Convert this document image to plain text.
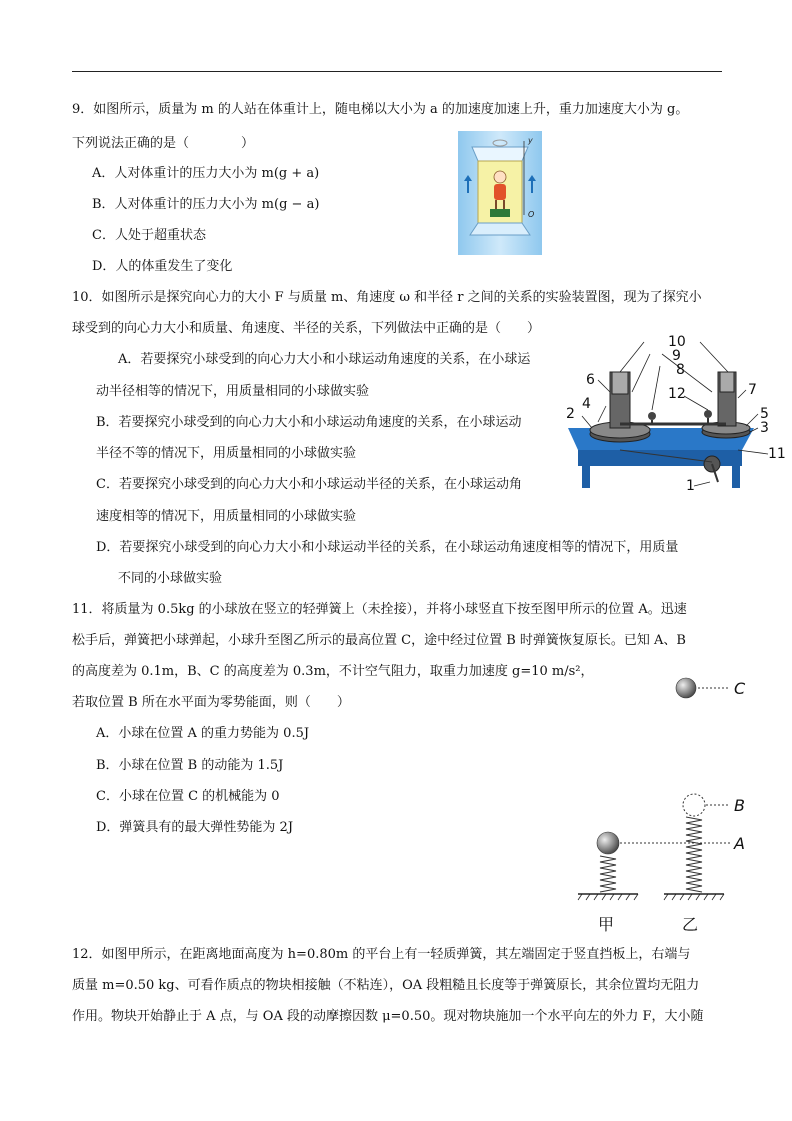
9．如图所示，质量为 m 的人站在体重计上，随电梯以大小为 a 的加速度加速上升，重力加速度大小为 g。
下列说法正确的是（　　　　）
A．人对体重计的压力大小为 m(g + a)
B．人对体重计的压力大小为 m(g − a)
C．人处于超重状态
D．人的体重发生了变化
y
O
10．如图所示是探究向心力的大小 F 与质量 m、角速度 ω 和半径 r 之间的关系的实验装置图，现为了探究小
球受到的向心力大小和质量、角速度、半径的关系，下列做法中正确的是（　　）
A．若要探究小球受到的向心力大小和小球运动角速度的关系，在小球运
动半径相等的情况下，用质量相同的小球做实验
B．若要探究小球受到的向心力大小和小球运动角速度的关系，在小球运动
半径不等的情况下，用质量相同的小球做实验
C．若要探究小球受到的向心力大小和小球运动半径的关系，在小球运动角
速度相等的情况下，用质量相同的小球做实验
D．若要探究小球受到的向心力大小和小球运动半径的关系，在小球运动角速度相等的情况下，用质量
不同的小球做实验
10
9
8
6
12	7
4
2	5
3
11
1
11．将质量为 0.5kg 的小球放在竖立的轻弹簧上（未拴接），并将小球竖直下按至图甲所示的位置 A。迅速
松手后，弹簧把小球弹起，小球升至图乙所示的最高位置 C，途中经过位置 B 时弹簧恢复原长。已知 A、B
的高度差为 0.1m，B、C 的高度差为 0.3m，不计空气阻力，取重力加速度 g=10 m/s²，
若取位置 B 所在水平面为零势能面，则（　　）
A．小球在位置 A 的重力势能为 0.5J
B．小球在位置 B 的动能为 1.5J
C．小球在位置 C 的机械能为 0
D．弹簧具有的最大弹性势能为 2J
C
B
A
甲	乙
12．如图甲所示，在距离地面高度为 h=0.80m 的平台上有一轻质弹簧，其左端固定于竖直挡板上，右端与
质量 m=0.50 kg、可看作质点的物块相接触（不粘连），OA 段粗糙且长度等于弹簧原长，其余位置均无阻力
作用。物块开始静止于 A 点，与 OA 段的动摩擦因数 μ=0.50。现对物块施加一个水平向左的外力 F，大小随
